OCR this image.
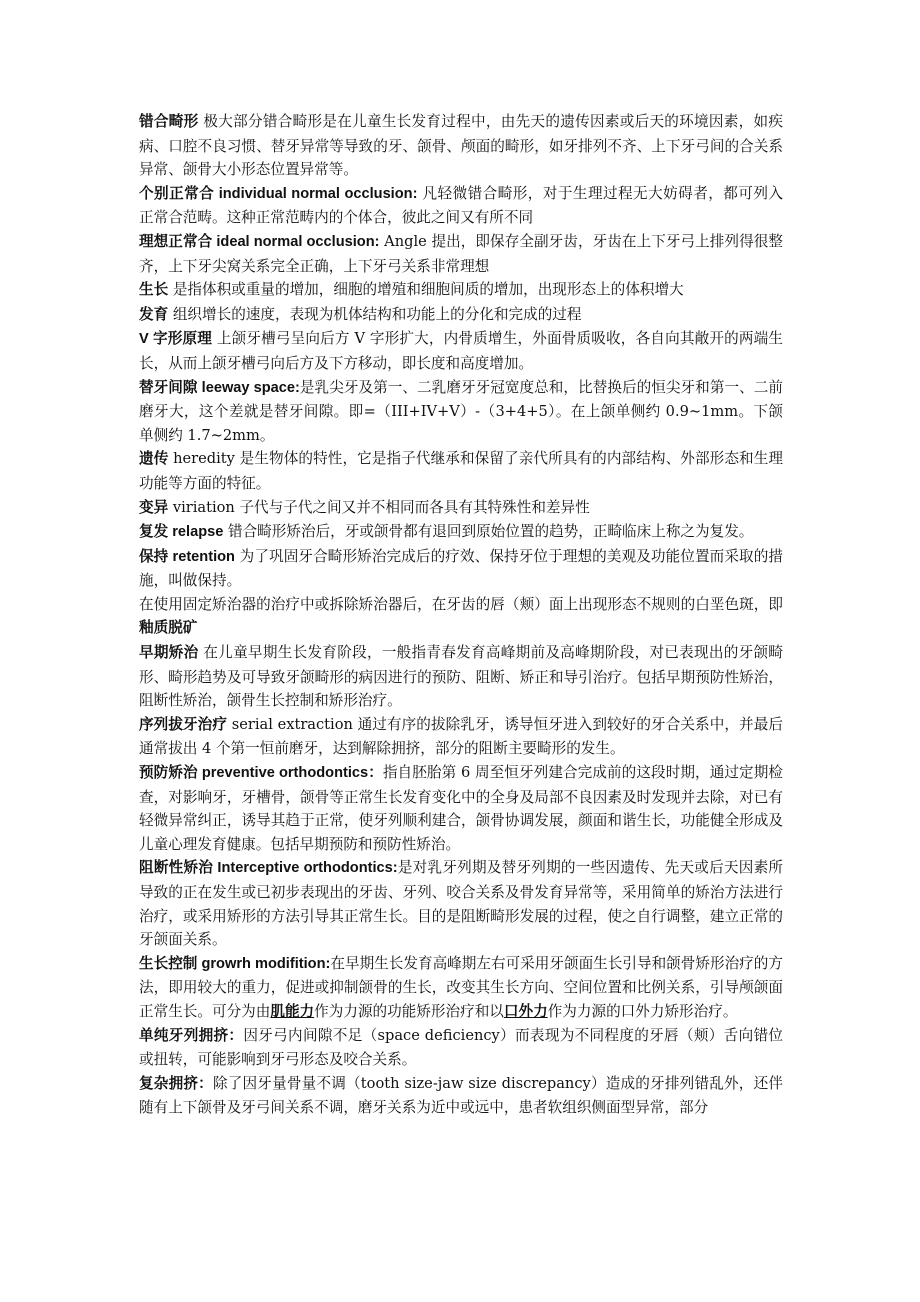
错合畸形 极大部分错合畸形是在儿童生长发育过程中，由先天的遗传因素或后天的环境因素，如疾病、口腔不良习惯、替牙异常等导致的牙、颌骨、颅面的畸形，如牙排列不齐、上下牙弓间的合关系异常、颌骨大小形态位置异常等。

个别正常合 individual normal occlusion: 凡轻微错合畸形，对于生理过程无大妨碍者，都可列入正常合范畴。这种正常范畴内的个体合，彼此之间又有所不同

理想正常合 ideal normal occlusion: Angle 提出，即保存全副牙齿，牙齿在上下牙弓上排列得很整齐，上下牙尖窝关系完全正确，上下牙弓关系非常理想

生长 是指体积或重量的增加，细胞的增殖和细胞间质的增加，出现形态上的体积增大

发育 组织增长的速度，表现为机体结构和功能上的分化和完成的过程

V 字形原理 上颌牙槽弓呈向后方 V 字形扩大，内骨质增生，外面骨质吸收，各自向其敞开的两端生长，从而上颌牙槽弓向后方及下方移动，即长度和高度增加。

替牙间隙 leeway space:是乳尖牙及第一、二乳磨牙牙冠宽度总和，比替换后的恒尖牙和第一、二前磨牙大，这个差就是替牙间隙。即=（III+IV+V）-（3+4+5）。在上颌单侧约 0.9~1mm。下颌单侧约 1.7~2mm。

遗传 heredity 是生物体的特性，它是指子代继承和保留了亲代所具有的内部结构、外部形态和生理功能等方面的特征。

变异 viriation 子代与子代之间又并不相同而各具有其特殊性和差异性

复发 relapse 错合畸形矫治后，牙或颌骨都有退回到原始位置的趋势，正畸临床上称之为复发。

保持 retention 为了巩固牙合畸形矫治完成后的疗效、保持牙位于理想的美观及功能位置而采取的措施，叫做保持。

在使用固定矫治器的治疗中或拆除矫治器后，在牙齿的唇（颊）面上出现形态不规则的白垩色斑，即釉质脱矿

早期矫治 在儿童早期生长发育阶段，一般指青春发育高峰期前及高峰期阶段，对已表现出的牙颌畸形、畸形趋势及可导致牙颌畸形的病因进行的预防、阻断、矫正和导引治疗。包括早期预防性矫治，阻断性矫治，颌骨生长控制和矫形治疗。

序列拔牙治疗 serial extraction 通过有序的拔除乳牙，诱导恒牙进入到较好的牙合关系中，并最后通常拔出 4 个第一恒前磨牙，达到解除拥挤，部分的阻断主要畸形的发生。

预防矫治 preventive orthodontics：指自胚胎第 6 周至恒牙列建合完成前的这段时期，通过定期检查，对影响牙，牙槽骨，颌骨等正常生长发育变化中的全身及局部不良因素及时发现并去除，对已有轻微异常纠正，诱导其趋于正常，使牙列顺利建合，颌骨协调发展，颜面和谐生长，功能健全形成及儿童心理发育健康。包括早期预防和预防性矫治。

阻断性矫治 Interceptive orthodontics:是对乳牙列期及替牙列期的一些因遗传、先天或后天因素所导致的正在发生或已初步表现出的牙齿、牙列、咬合关系及骨发育异常等，采用简单的矫治方法进行治疗，或采用矫形的方法引导其正常生长。目的是阻断畸形发展的过程，使之自行调整，建立正常的牙颌面关系。

生长控制 growrh modifition:在早期生长发育高峰期左右可采用牙颌面生长引导和颌骨矫形治疗的方法，即用较大的重力，促进或抑制颌骨的生长，改变其生长方向、空间位置和比例关系，引导颅颌面正常生长。可分为由肌能力作为力源的功能矫形治疗和以口外力作为力源的口外力矫形治疗。

单纯牙列拥挤：因牙弓内间隙不足（space deficiency）而表现为不同程度的牙唇（颊）舌向错位或扭转，可能影响到牙弓形态及咬合关系。

复杂拥挤：除了因牙量骨量不调（tooth size-jaw size discrepancy）造成的牙排列错乱外，还伴随有上下颌骨及牙弓间关系不调，磨牙关系为近中或远中，患者软组织侧面型异常，部分
